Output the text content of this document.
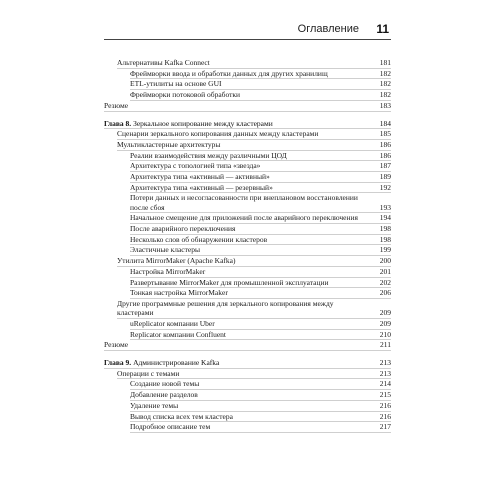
Оглавление 11
Альтернативы Kafka Connect	181
Фреймворки ввода и обработки данных для других хранилищ	182
ETL-утилиты на основе GUI	182
Фреймворки потоковой обработки	182
Резюме	183
Глава 8. Зеркальное копирование между кластерами	184
Сценарии зеркального копирования данных между кластерами	185
Мультикластерные архитектуры	186
Реалии взаимодействия между различными ЦОД	186
Архитектура с топологией типа «звезда»	187
Архитектура типа «активный — активный»	189
Архитектура типа «активный — резервный»	192
Потери данных и несогласованности при внеплановом восстановлении после сбоя	193
Начальное смещение для приложений после аварийного переключения	194
После аварийного переключения	198
Несколько слов об обнаружении кластеров	198
Эластичные кластеры	199
Утилита MirrorMaker (Apache Kafka)	200
Настройка MirrorMaker	201
Развертывание MirrorMaker для промышленной эксплуатации	202
Тонкая настройка MirrorMaker	206
Другие программные решения для зеркального копирования между кластерами	209
uReplicator компании Uber	209
Replicator компании Confluent	210
Резюме	211
Глава 9. Администрирование Kafka	213
Операции с темами	213
Создание новой темы	214
Добавление разделов	215
Удаление темы	216
Вывод списка всех тем кластера	216
Подробное описание тем	217
